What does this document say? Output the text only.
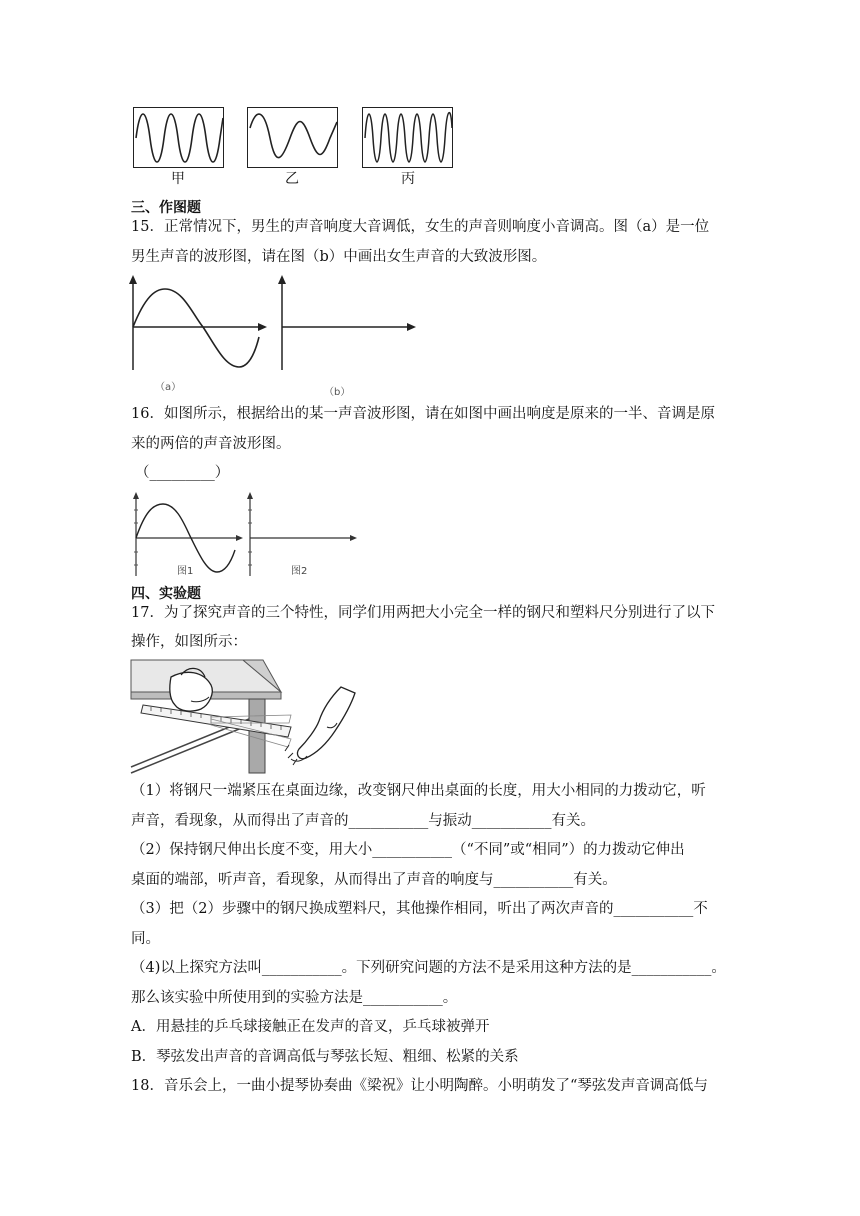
甲	乙	丙
三、作图题
15．正常情况下，男生的声音响度大音调低，女生的声音则响度小音调高。图（a）是一位
男生声音的波形图，请在图（b）中画出女生声音的大致波形图。
（a）	（b）
16．如图所示，根据给出的某一声音波形图，请在如图中画出响度是原来的一半、音调是原
来的两倍的声音波形图。
（_________）
图1	图2
四、实验题
17．为了探究声音的三个特性，同学们用两把大小完全一样的钢尺和塑料尺分别进行了以下
操作，如图所示：
（1）将钢尺一端紧压在桌面边缘，改变钢尺伸出桌面的长度，用大小相同的力拨动它，听
声音，看现象，从而得出了声音的___________与振动___________有关。
（2）保持钢尺伸出长度不变，用大小___________（“不同”或“相同”）的力拨动它伸出
桌面的端部，听声音，看现象，从而得出了声音的响度与___________有关。
（3）把（2）步骤中的钢尺换成塑料尺，其他操作相同，听出了两次声音的___________不
同。
（4)以上探究方法叫___________。下列研究问题的方法不是采用这种方法的是___________。
那么该实验中所使用到的实验方法是___________。
A．用悬挂的乒乓球接触正在发声的音叉，乒乓球被弹开
B．琴弦发出声音的音调高低与琴弦长短、粗细、松紧的关系
18．音乐会上，一曲小提琴协奏曲《梁祝》让小明陶醉。小明萌发了“琴弦发声音调高低与
